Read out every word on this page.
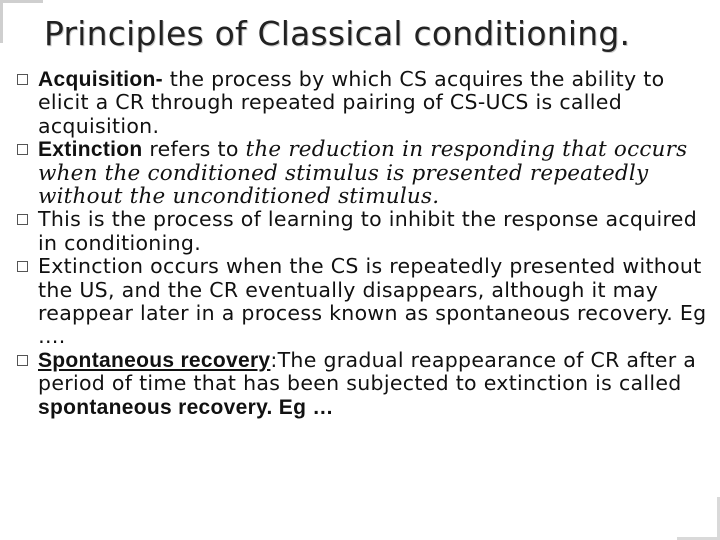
Principles of Classical conditioning.
Acquisition- the process by which CS acquires the ability to elicit a CR through repeated pairing of CS-UCS is called acquisition.
Extinction refers to the reduction in responding that occurs when the conditioned stimulus is presented repeatedly without the unconditioned stimulus.
This is the process of learning to inhibit the response acquired in conditioning.
Extinction occurs when the CS is repeatedly presented without the US, and the CR eventually disappears, although it may reappear later in a process known as spontaneous recovery. Eg ….
Spontaneous recovery:The gradual reappearance of CR after a period of time that has been subjected to extinction is called spontaneous recovery. Eg …
